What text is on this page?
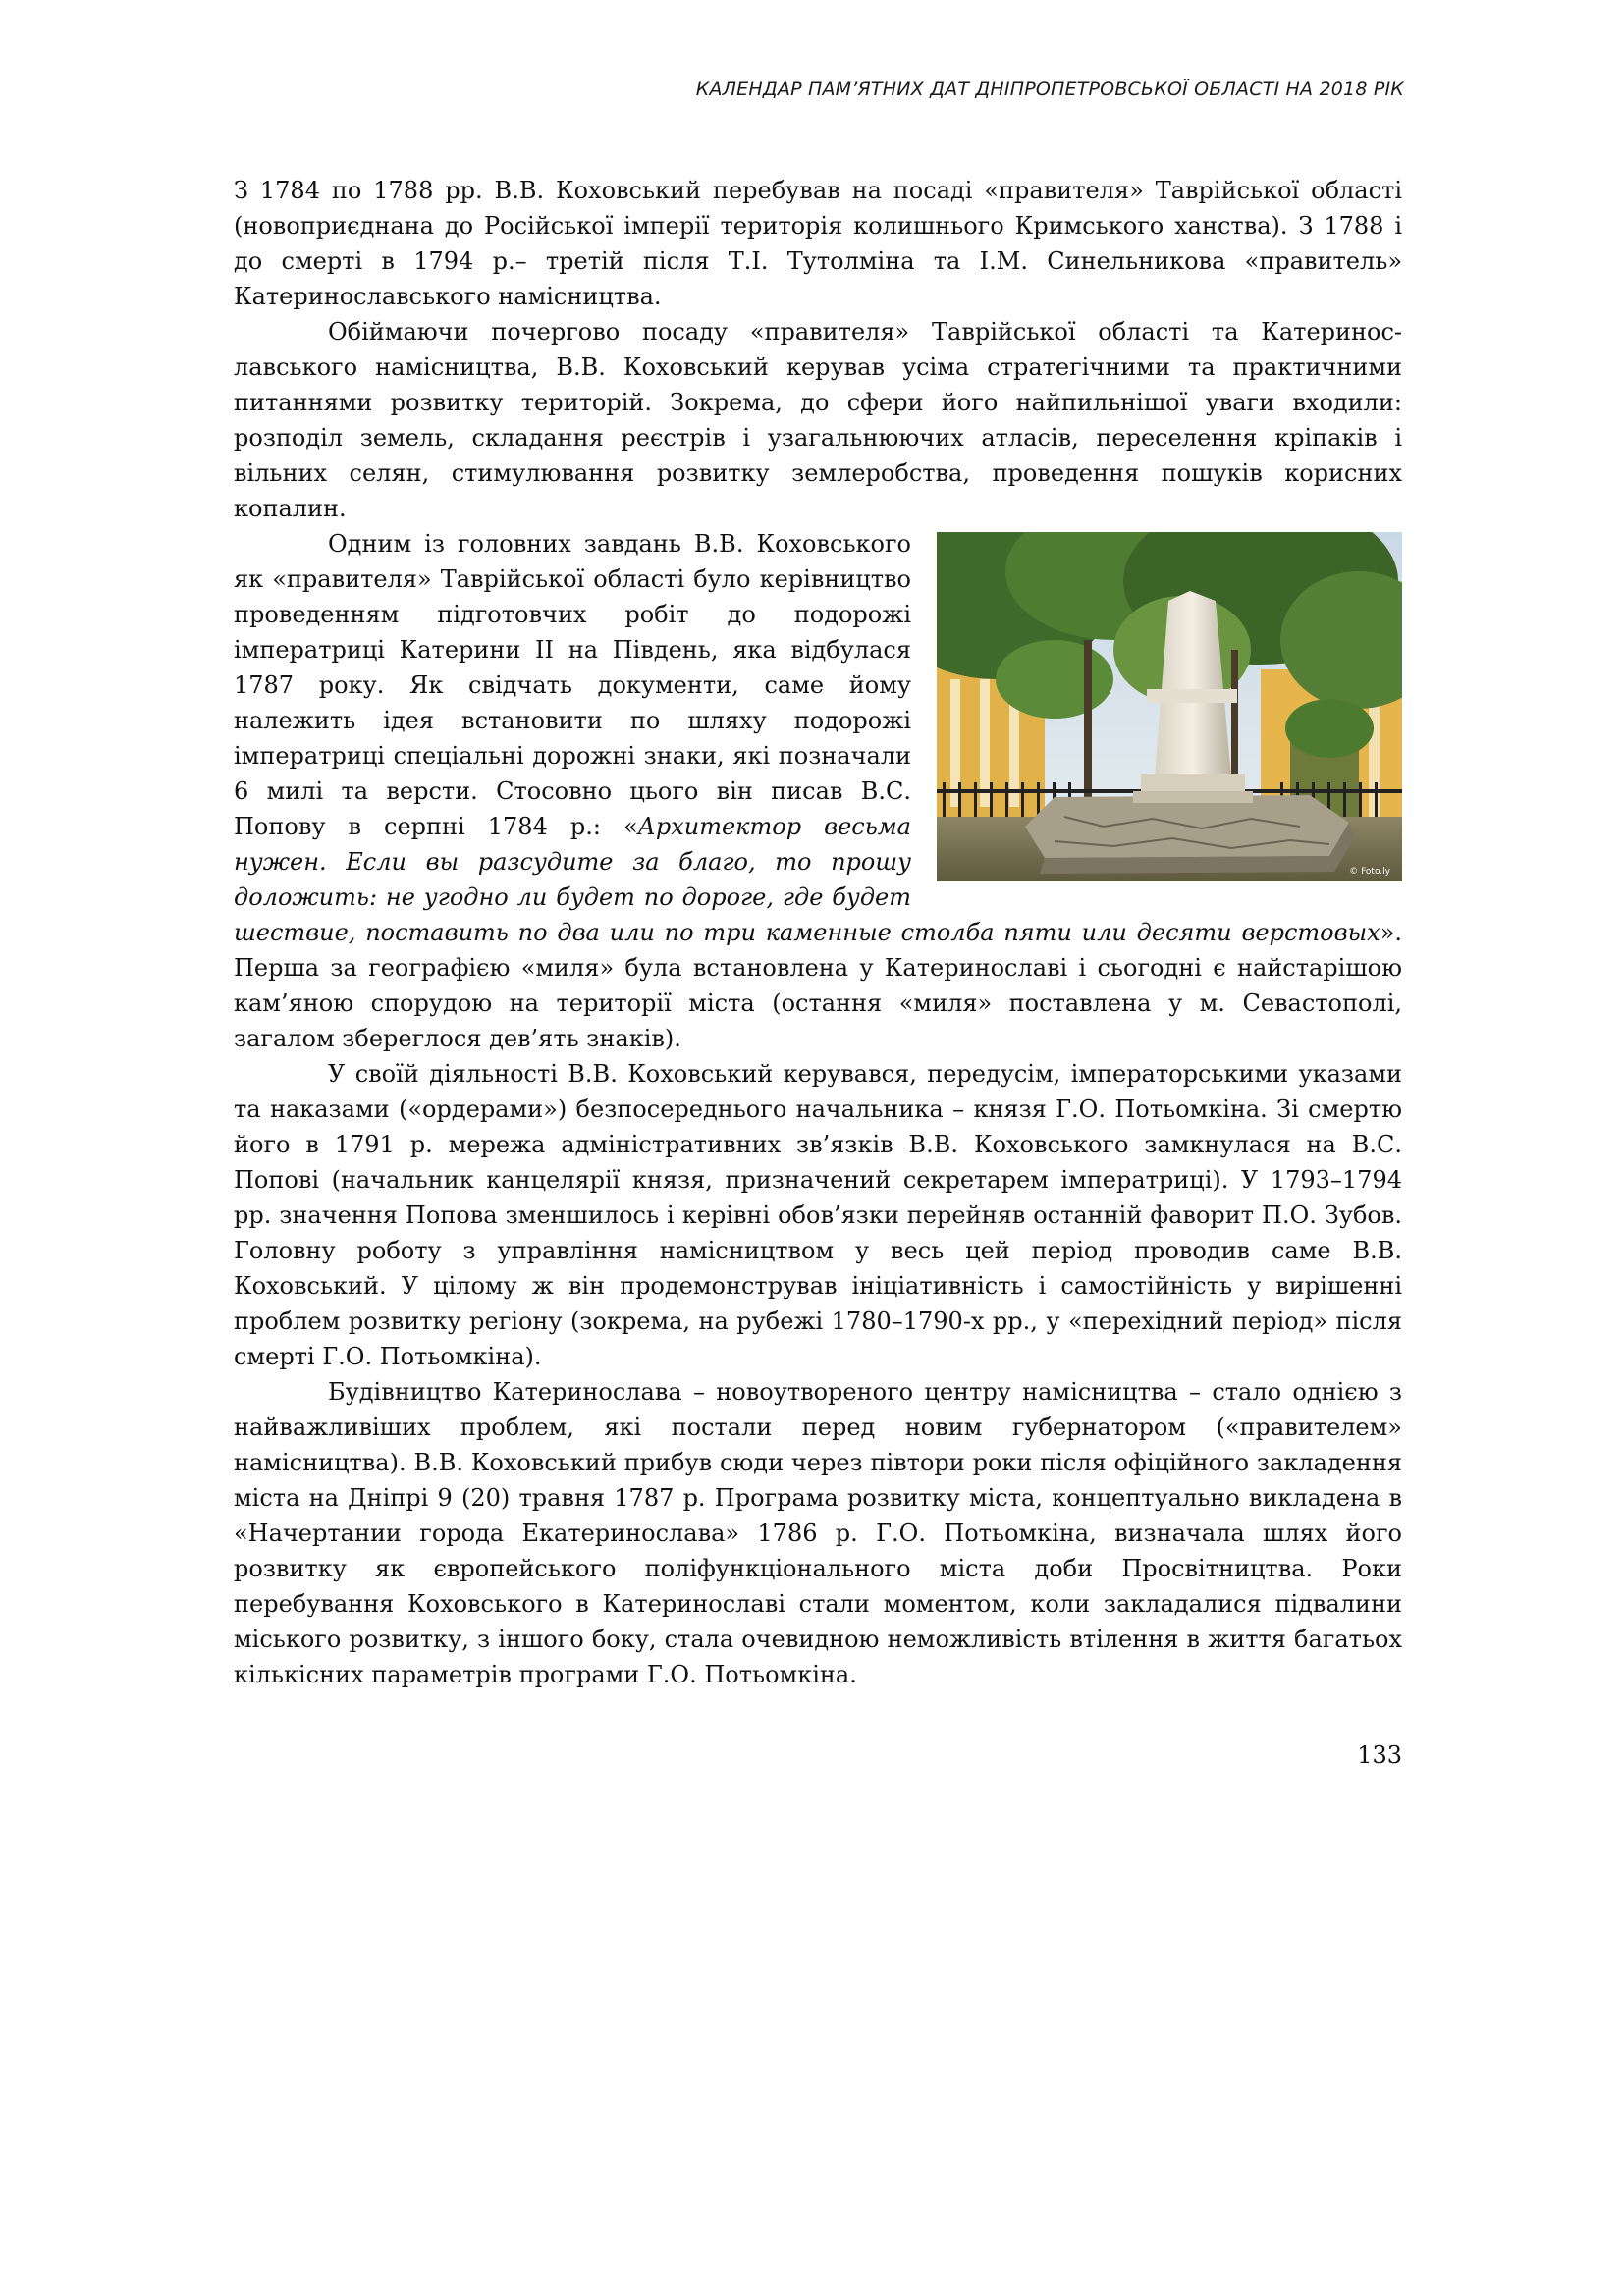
КАЛЕНДАР ПАМ’ЯТНИХ ДАТ ДНІПРОПЕТРОВСЬКОЇ ОБЛАСТІ НА 2018 РІК

З 1784 по 1788 рр. В.В. Коховський перебував на посаді «правителя» Таврійської області (новоприєднана до Російської імперії територія колишнього Кримського ханства). З 1788 і до смерті в 1794 р.– третій після Т.І. Тутолміна та І.М. Синельникова «правитель» Катеринославського намісництва.

Обіймаючи почергово посаду «правителя» Таврійської області та Катеринославського намісництва, В.В. Коховський керував усіма стратегічними та практичними питаннями розвитку територій. Зокрема, до сфери його найпильнішої уваги входили: розподіл земель, складання реєстрів і узагальнюючих атласів, переселення кріпаків і вільних селян, стимулювання розвитку землеробства, проведення пошуків корисних копалин.

© Foto.ly
Одним із головних завдань В.В. Коховського як «правителя» Таврійської області було керівництво проведенням підготовчих робіт до подорожі імператриці Катерини II на Південь, яка відбулася 1787 року. Як свідчать документи, саме йому належить ідея встановити по шляху подорожі імператриці спеціальні дорожні знаки, які позначали 6 милі та версти. Стосовно цього він писав В.С. Попову в серпні 1784 р.: «Архитектор весьма нужен. Если вы разсудите за благо, то прошу доложить: не угодно ли будет по дороге, где будет шествие, поставить по два или по три каменные столба пяти или десяти верстовых». Перша за географією «миля» була встановлена у Катеринославі і сьогодні є найстарішою кам’яною спорудою на території міста (остання «миля» поставлена у м. Севастополі, загалом збереглося дев’ять знаків).

У своїй діяльності В.В. Коховський керувався, передусім, імператорськими указами та наказами («ордерами») безпосереднього начальника – князя Г.О. Потьомкіна. Зі смертю його в 1791 р. мережа адміністративних зв’язків В.В. Коховського замкнулася на В.С. Попові (начальник канцелярії князя, призначений секретарем імператриці). У 1793–1794 рр. значення Попова зменшилось і керівні обов’язки перейняв останній фаворит П.О. Зубов. Головну роботу з управління намісництвом у весь цей період проводив саме В.В. Коховський. У цілому ж він продемонстрував ініціативність і самостійність у вирішенні проблем розвитку регіону (зокрема, на рубежі 1780–1790-х рр., у «перехідний період» після смерті Г.О. Потьомкіна).

Будівництво Катеринослава – новоутвореного центру намісництва – стало однією з найважливіших проблем, які постали перед новим губернатором («правителем» намісництва). В.В. Коховський прибув сюди через півтори роки після офіційного закладення міста на Дніпрі 9 (20) травня 1787 р. Програма розвитку міста, концептуально викладена в «Начертании города Екатеринослава» 1786 р. Г.О. Потьомкіна, визначала шлях його розвитку як європейського поліфункціонального міста доби Просвітництва. Роки перебування Коховського в Катеринославі стали моментом, коли закладалися підвалини міського розвитку, з іншого боку, стала очевидною неможливість втілення в життя багатьох кількісних параметрів програми Г.О. Потьомкіна.

133
